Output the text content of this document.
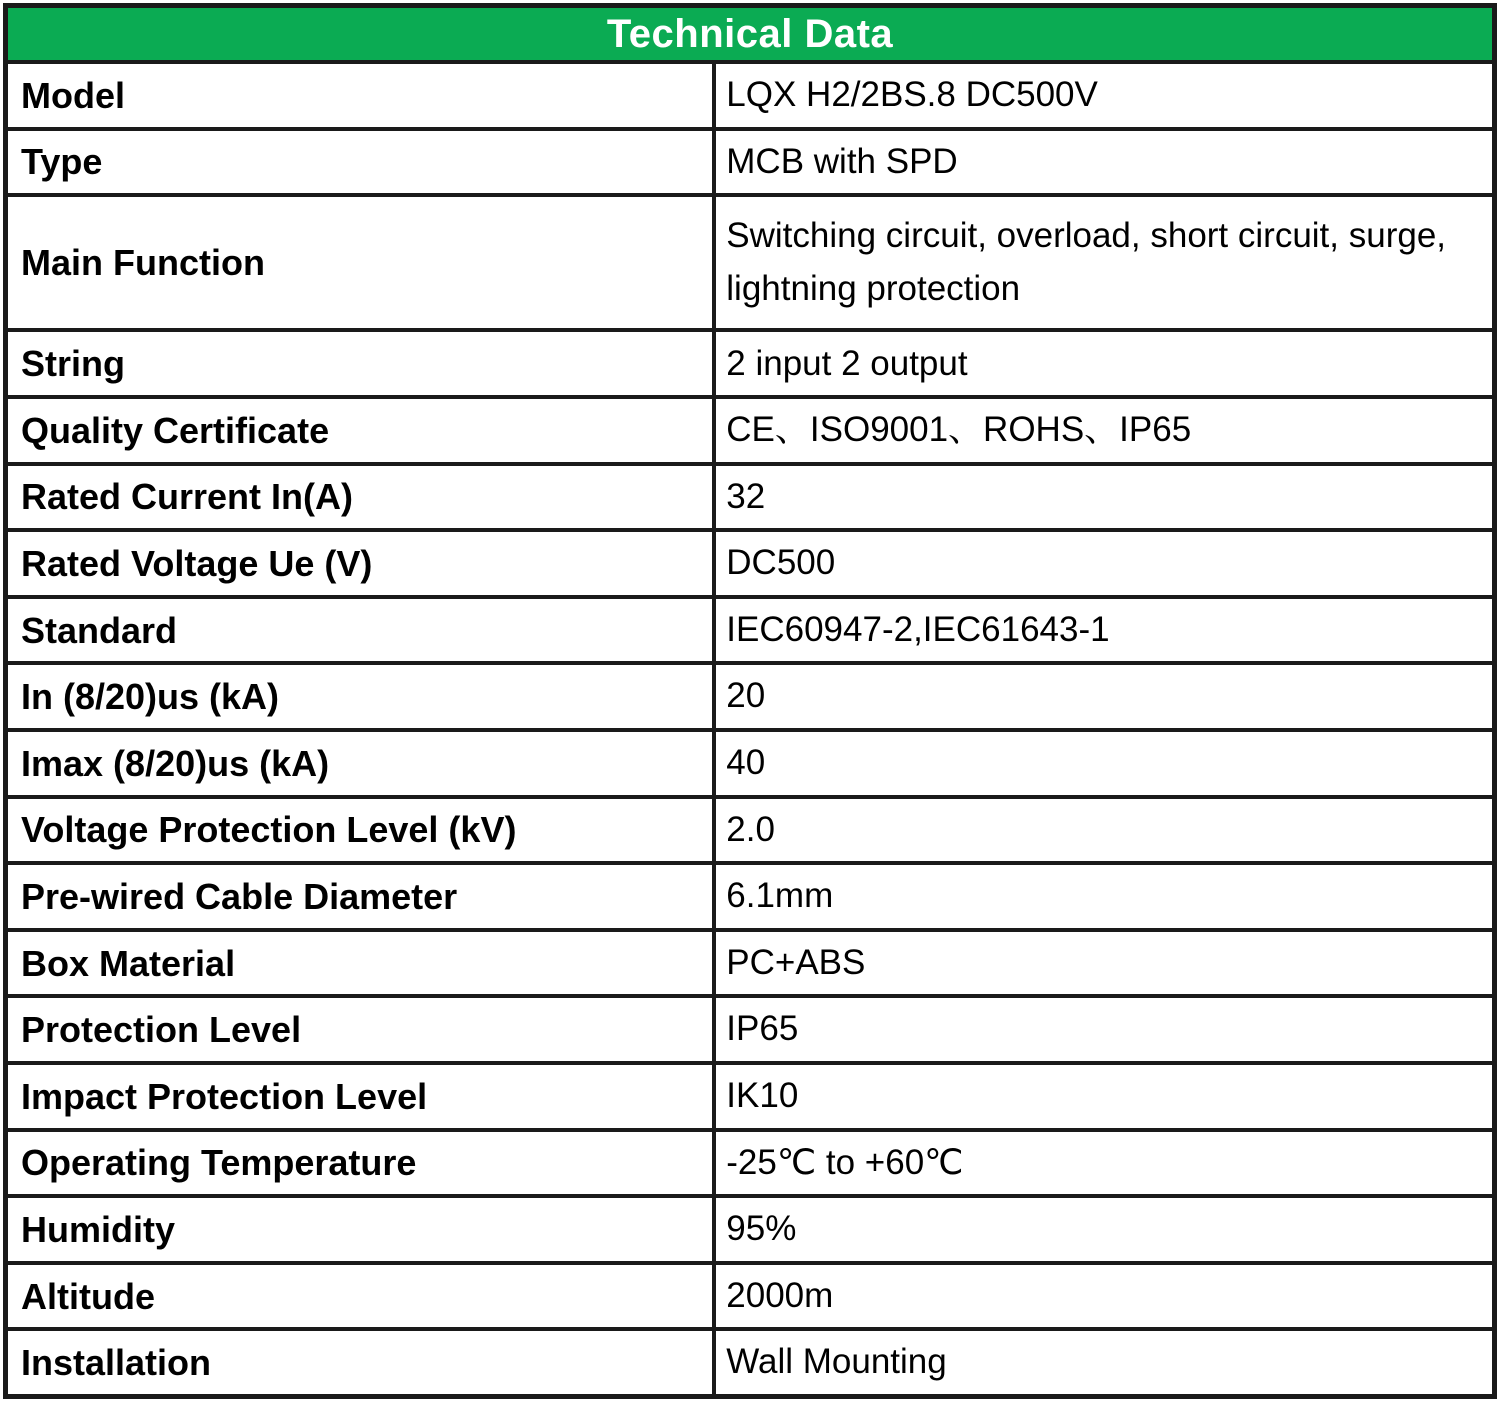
Technical Data	
Model	LQX H2/2BS.8 DC500V
Type	MCB with SPD
Main Function	Switching circuit, overload, short circuit, surge, lightning protection
String	2 input 2 output
Quality Certificate	CE、ISO9001、ROHS、IP65
Rated Current In(A)	32
Rated Voltage Ue (V)	DC500
Standard	IEC60947-2,IEC61643-1
In (8/20)us (kA)	20
Imax (8/20)us (kA)	40
Voltage Protection Level (kV)	2.0
Pre-wired Cable Diameter	6.1mm
Box Material	PC+ABS
Protection Level	IP65
Impact Protection Level	IK10
Operating Temperature	-25℃ to +60℃
Humidity	95%
Altitude	2000m
Installation	Wall Mounting
